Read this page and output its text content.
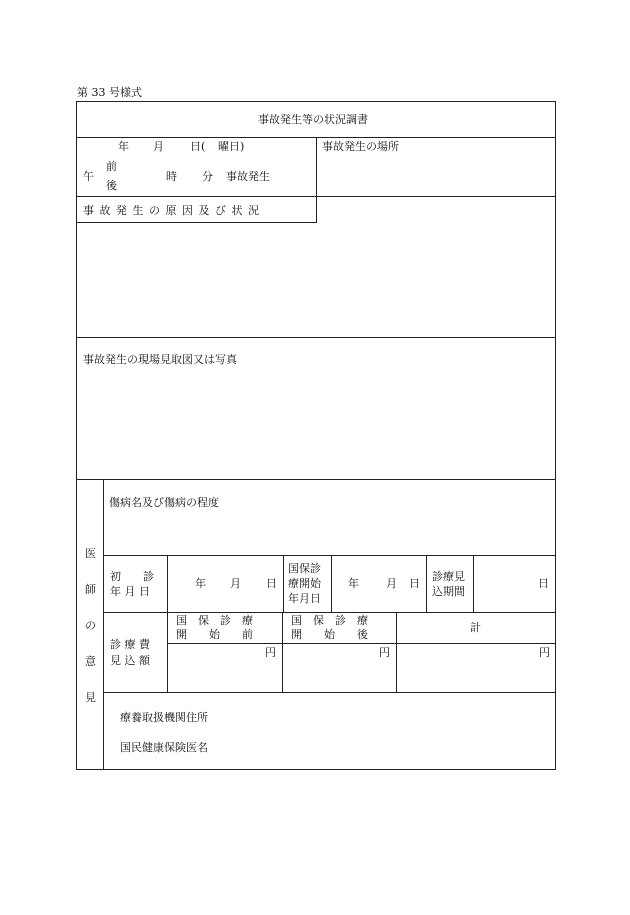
第 33 号様式
事故発生等の状況調書
年 月 日( 曜日)
午
前
後
時 分 事故発生
事故発生の場所
事 故 発 生 の 原 因 及 び 状 況
事故発生の現場見取図又は写真
医
師
の
意
見
傷病名及び傷病の程度
初　　診
年 月 日
年 月 日
国保診
療開始
年月日
年 月 日
診療見
込期間
日
診 療 費
見 込 額
国　保　診　療
開　　始　　前
国　保　診　療
開　　始　　後
計
円	円	円
療養取扱機関住所
国民健康保険医名
